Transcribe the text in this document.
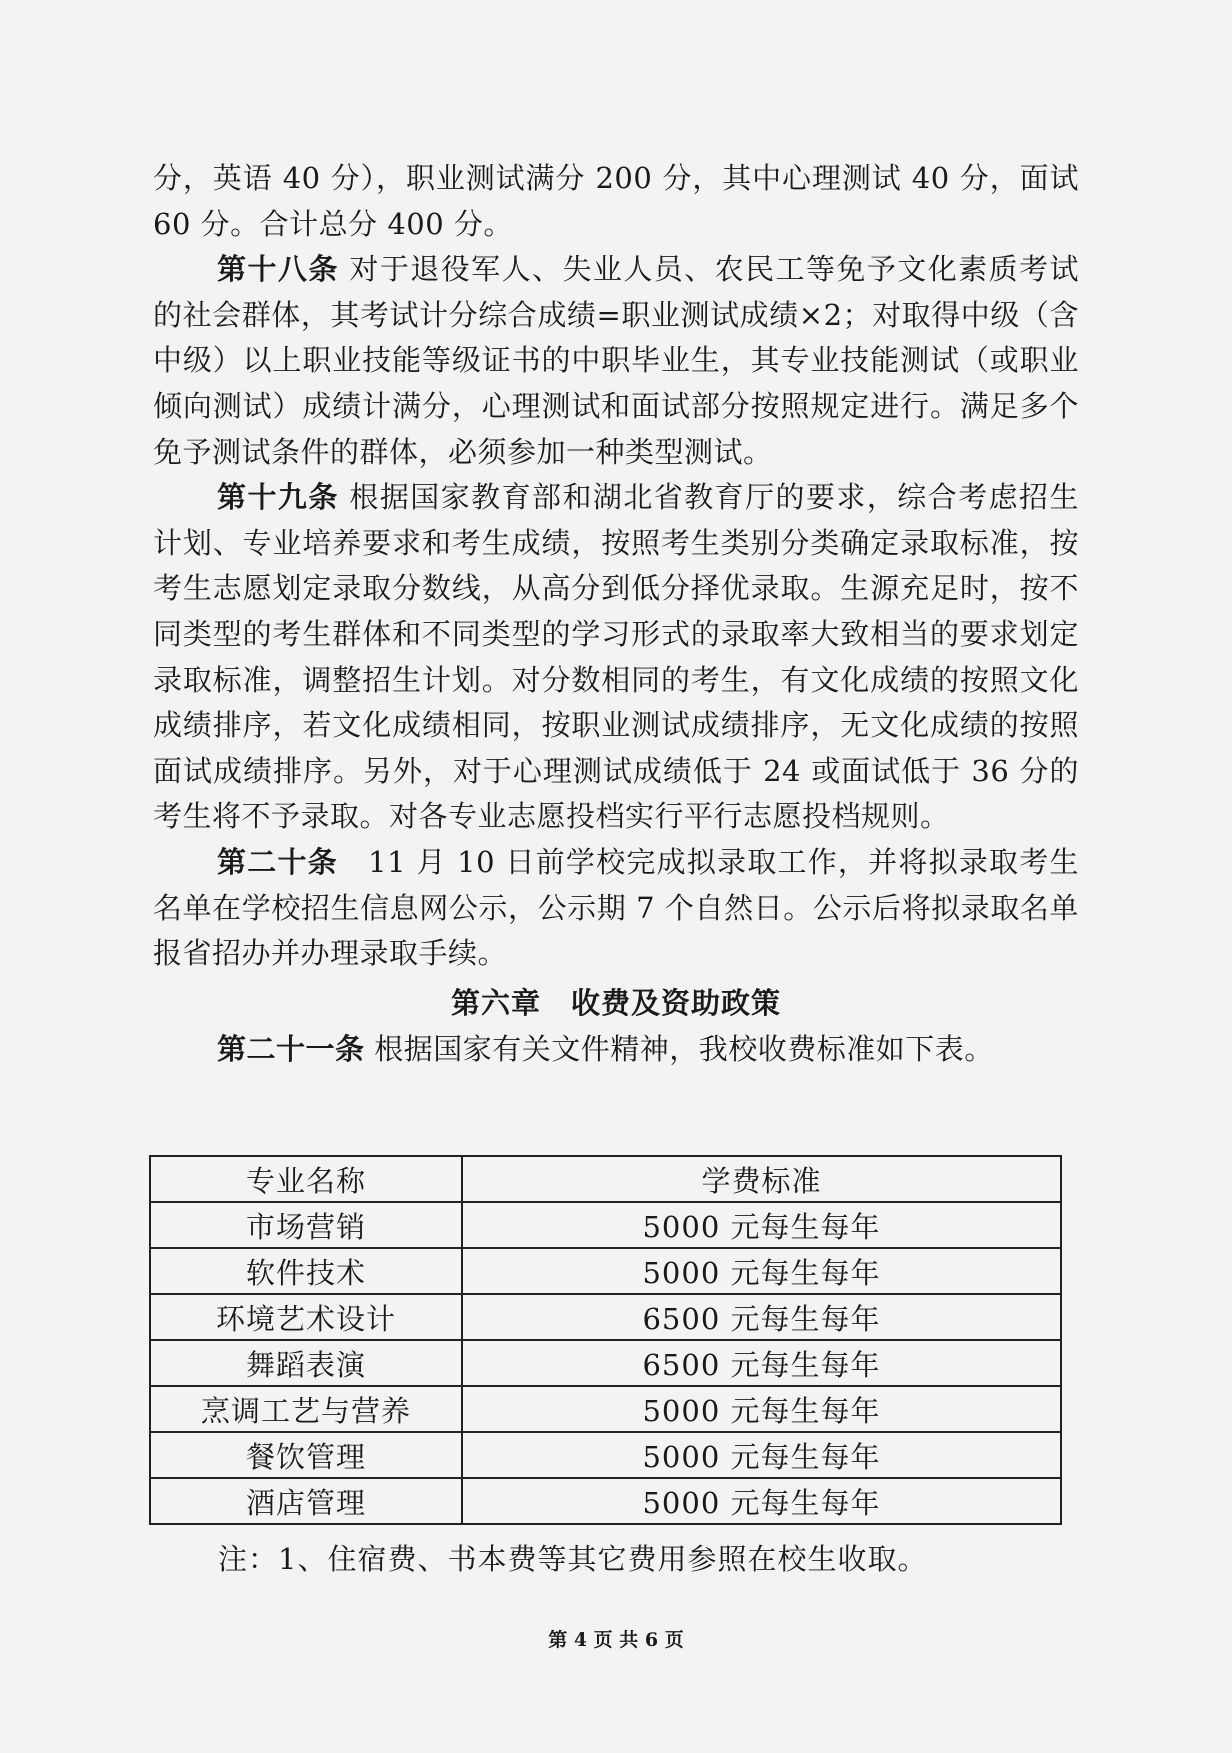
分，英语 40 分），职业测试满分 200 分，其中心理测试 40 分，面试 60 分。合计总分 400 分。

第十八条 对于退役军人、失业人员、农民工等免予文化素质考试的社会群体，其考试计分综合成绩=职业测试成绩×2；对取得中级（含中级）以上职业技能等级证书的中职毕业生，其专业技能测试（或职业倾向测试）成绩计满分，心理测试和面试部分按照规定进行。满足多个免予测试条件的群体，必须参加一种类型测试。

第十九条 根据国家教育部和湖北省教育厅的要求，综合考虑招生计划、专业培养要求和考生成绩，按照考生类别分类确定录取标准，按考生志愿划定录取分数线，从高分到低分择优录取。生源充足时，按不同类型的考生群体和不同类型的学习形式的录取率大致相当的要求划定录取标准，调整招生计划。对分数相同的考生，有文化成绩的按照文化成绩排序，若文化成绩相同，按职业测试成绩排序，无文化成绩的按照面试成绩排序。另外，对于心理测试成绩低于 24 或面试低于 36 分的考生将不予录取。对各专业志愿投档实行平行志愿投档规则。

第二十条　11 月 10 日前学校完成拟录取工作，并将拟录取考生名单在学校招生信息网公示，公示期 7 个自然日。公示后将拟录取名单报省招办并办理录取手续。

第六章　收费及资助政策

第二十一条 根据国家有关文件精神，我校收费标准如下表。

专业名称	学费标准
市场营销	5000 元每生每年
软件技术	5000 元每生每年
环境艺术设计	6500 元每生每年
舞蹈表演	6500 元每生每年
烹调工艺与营养	5000 元每生每年
餐饮管理	5000 元每生每年
酒店管理	5000 元每生每年
注：1、住宿费、书本费等其它费用参照在校生收取。
第 4 页 共 6 页
